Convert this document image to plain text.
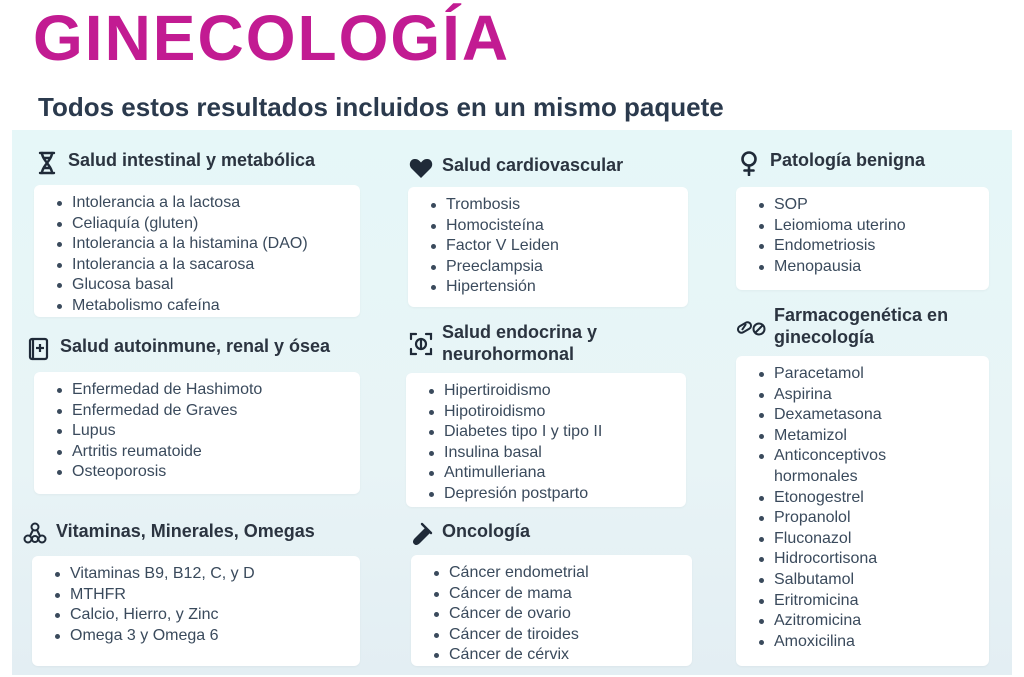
GINECOLOGÍA
Todos estos resultados incluidos en un mismo paquete
Salud intestinal y metabólica
Intolerancia a la lactosa
Celiaquía (gluten)
Intolerancia a la histamina (DAO)
Intolerancia a la sacarosa
Glucosa basal
Metabolismo cafeína
Salud autoinmune, renal y ósea
Enfermedad de Hashimoto
Enfermedad de Graves
Lupus
Artritis reumatoide
Osteoporosis
Vitaminas, Minerales, Omegas
Vitaminas B9, B12, C, y D
MTHFR
Calcio, Hierro, y Zinc
Omega 3 y Omega 6
Salud cardiovascular
Trombosis
Homocisteína
Factor V Leiden
Preeclampsia
Hipertensión
Salud endocrina y neurohormonal
Hipertiroidismo
Hipotiroidismo
Diabetes tipo I y tipo II
Insulina basal
Antimulleriana
Depresión postparto
Oncología
Cáncer endometrial
Cáncer de mama
Cáncer de ovario
Cáncer de tiroides
Cáncer de cérvix
Patología benigna
SOP
Leiomioma uterino
Endometriosis
Menopausia
Farmacogenética en ginecología
Paracetamol
Aspirina
Dexametasona
Metamizol
Anticonceptivos hormonales
Etonogestrel
Propanolol
Fluconazol
Hidrocortisona
Salbutamol
Eritromicina
Azitromicina
Amoxicilina
